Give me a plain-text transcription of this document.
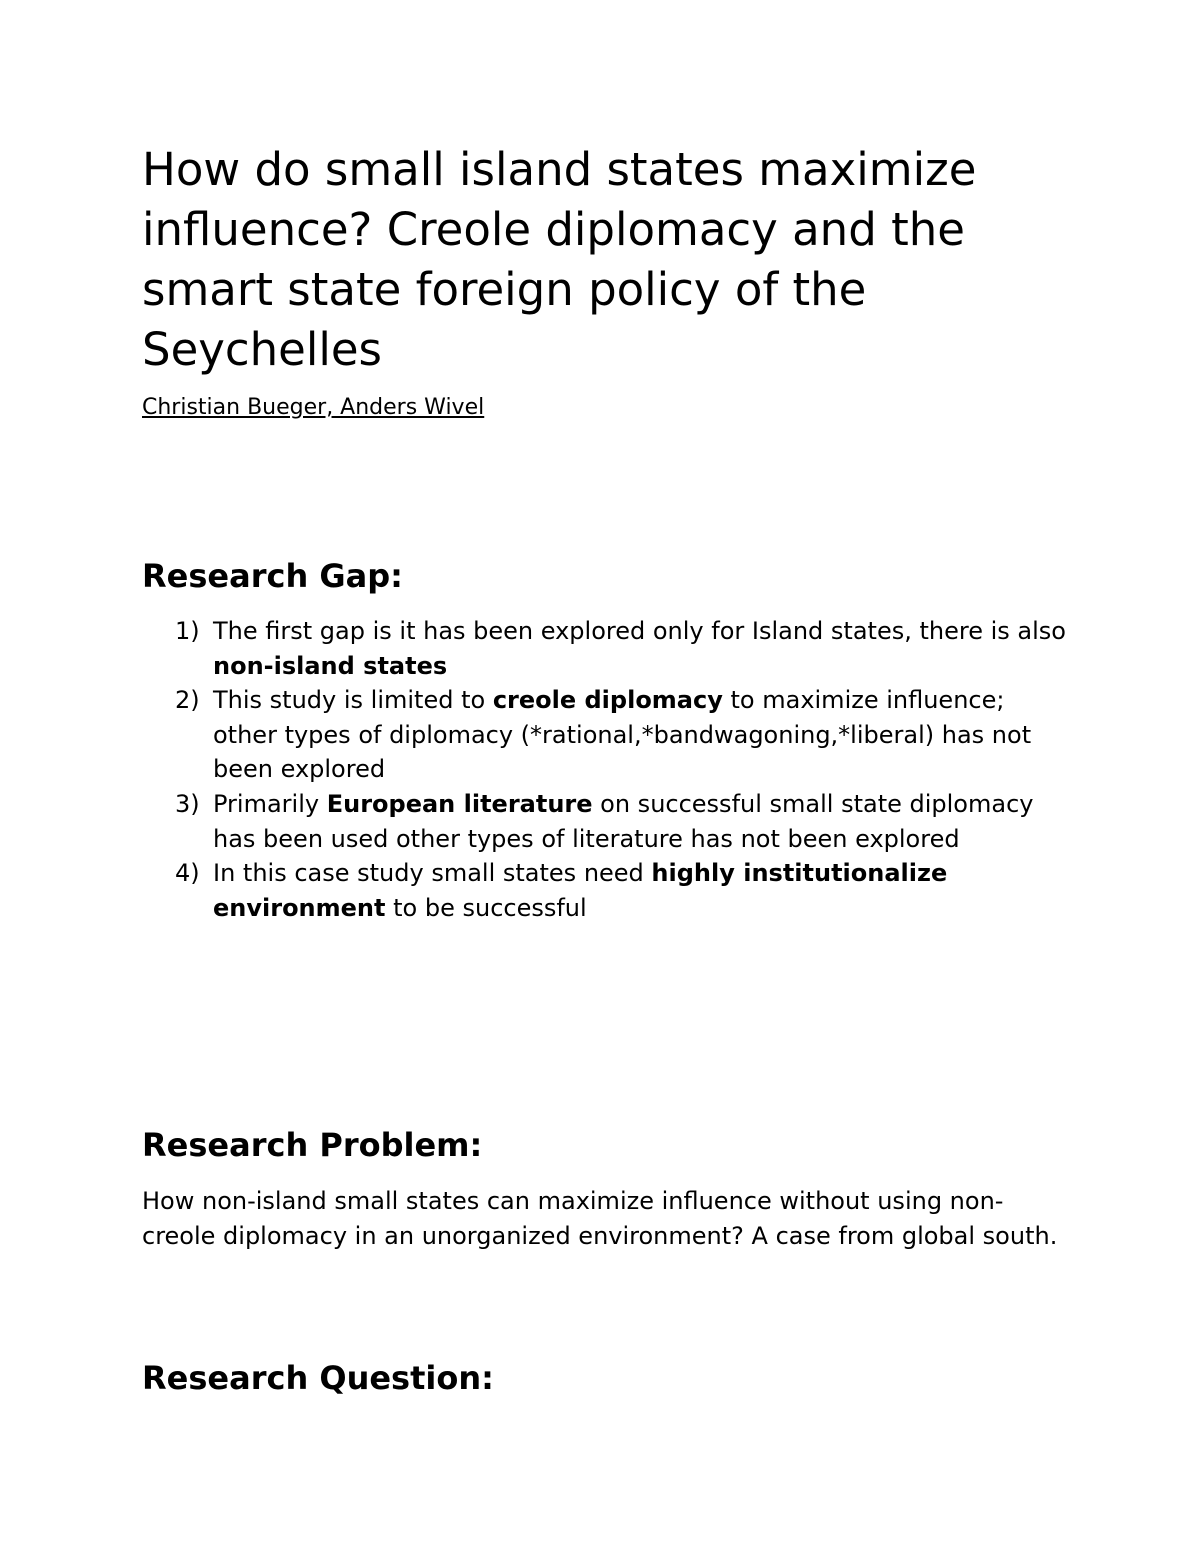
How do small island states maximize influence? Creole diplomacy and the smart state foreign policy of the Seychelles
Christian Bueger, Anders Wivel
Research Gap:
1) The first gap is it has been explored only for Island states, there is also non-island states
2) This study is limited to creole diplomacy to maximize influence; other types of diplomacy (*rational,*bandwagoning,*liberal) has not been explored
3) Primarily European literature on successful small state diplomacy has been used other types of literature has not been explored
4) In this case study small states need highly institutionalize environment to be successful
Research Problem:

How non-island small states can maximize influence without using non-creole diplomacy in an unorganized environment? A case from global south.

Research Question:
